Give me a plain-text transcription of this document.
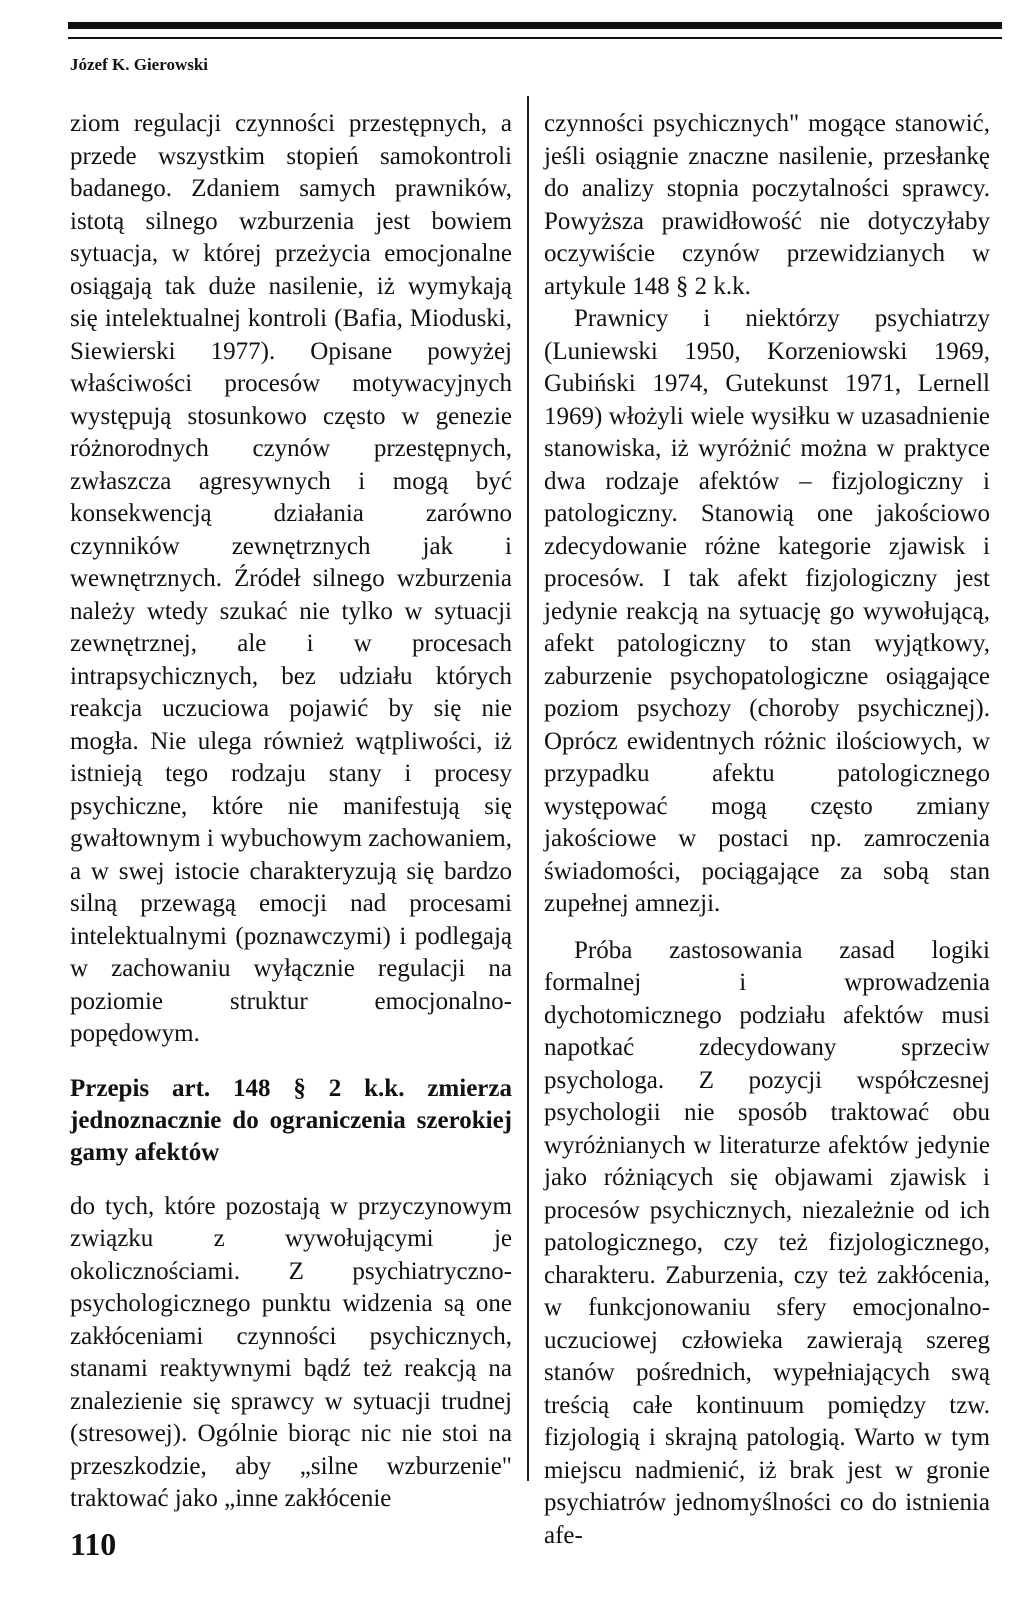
Józef K. Gierowski

ziom regulacji czynności przestępnych, a przede wszystkim stopień samokontroli badanego. Zdaniem samych prawników, istotą silnego wzburzenia jest bowiem sytuacja, w której przeżycia emocjonalne osiągają tak duże nasilenie, iż wymykają się intelektualnej kontroli (Bafia, Mioduski, Siewierski 1977). Opisane powyżej właściwości procesów motywacyjnych występują stosunkowo często w genezie różnorodnych czynów przestępnych, zwłaszcza agresywnych i mogą być konsekwencją działania zarówno czynników zewnętrznych jak i wewnętrznych. Źródeł silnego wzburzenia należy wtedy szukać nie tylko w sytuacji zewnętrznej, ale i w procesach intrapsychicznych, bez udziału których reakcja uczuciowa pojawić by się nie mogła. Nie ulega również wątpliwości, iż istnieją tego rodzaju stany i procesy psychiczne, które nie manifestują się gwałtownym i wybuchowym zachowaniem, a w swej istocie charakteryzują się bardzo silną przewagą emocji nad procesami intelektualnymi (poznawczymi) i podlegają w zachowaniu wyłącznie regulacji na poziomie struktur emocjonalno-popędowym.

Przepis art. 148 § 2 k.k. zmierza jednoznacznie do ograniczenia szerokiej gamy afektów

do tych, które pozostają w przyczynowym związku z wywołującymi je okolicznościami. Z psychiatryczno-psychologicznego punktu widzenia są one zakłóceniami czynności psychicznych, stanami reaktywnymi bądź też reakcją na znalezienie się sprawcy w sytuacji trudnej (stresowej). Ogólnie biorąc nic nie stoi na przeszkodzie, aby „silne wzburzenie" traktować jako „inne zakłócenie

czynności psychicznych" mogące stanowić, jeśli osiągnie znaczne nasilenie, przesłankę do analizy stopnia poczytalności sprawcy. Powyższa prawidłowość nie dotyczyłaby oczywiście czynów przewidzianych w artykule 148 § 2 k.k.

Prawnicy i niektórzy psychiatrzy (Luniewski 1950, Korzeniowski 1969, Gubiński 1974, Gutekunst 1971, Lernell 1969) włożyli wiele wysiłku w uzasadnienie stanowiska, iż wyróżnić można w praktyce dwa rodzaje afektów – fizjologiczny i patologiczny. Stanowią one jakościowo zdecydowanie różne kategorie zjawisk i procesów. I tak afekt fizjologiczny jest jedynie reakcją na sytuację go wywołującą, afekt patologiczny to stan wyjątkowy, zaburzenie psychopatologiczne osiągające poziom psychozy (choroby psychicznej). Oprócz ewidentnych różnic ilościowych, w przypadku afektu patologicznego występować mogą często zmiany jakościowe w postaci np. zamroczenia świadomości, pociągające za sobą stan zupełnej amnezji.

Próba zastosowania zasad logiki formalnej i wprowadzenia dychotomicznego podziału afektów musi napotkać zdecydowany sprzeciw psychologa. Z pozycji współczesnej psychologii nie sposób traktować obu wyróżnianych w literaturze afektów jedynie jako różniących się objawami zjawisk i procesów psychicznych, niezależnie od ich patologicznego, czy też fizjologicznego, charakteru. Zaburzenia, czy też zakłócenia, w funkcjonowaniu sfery emocjonalno-uczuciowej człowieka zawierają szereg stanów pośrednich, wypełniających swą treścią całe kontinuum pomiędzy tzw. fizjologią i skrajną patologią. Warto w tym miejscu nadmienić, iż brak jest w gronie psychiatrów jednomyślności co do istnienia afe-

110
